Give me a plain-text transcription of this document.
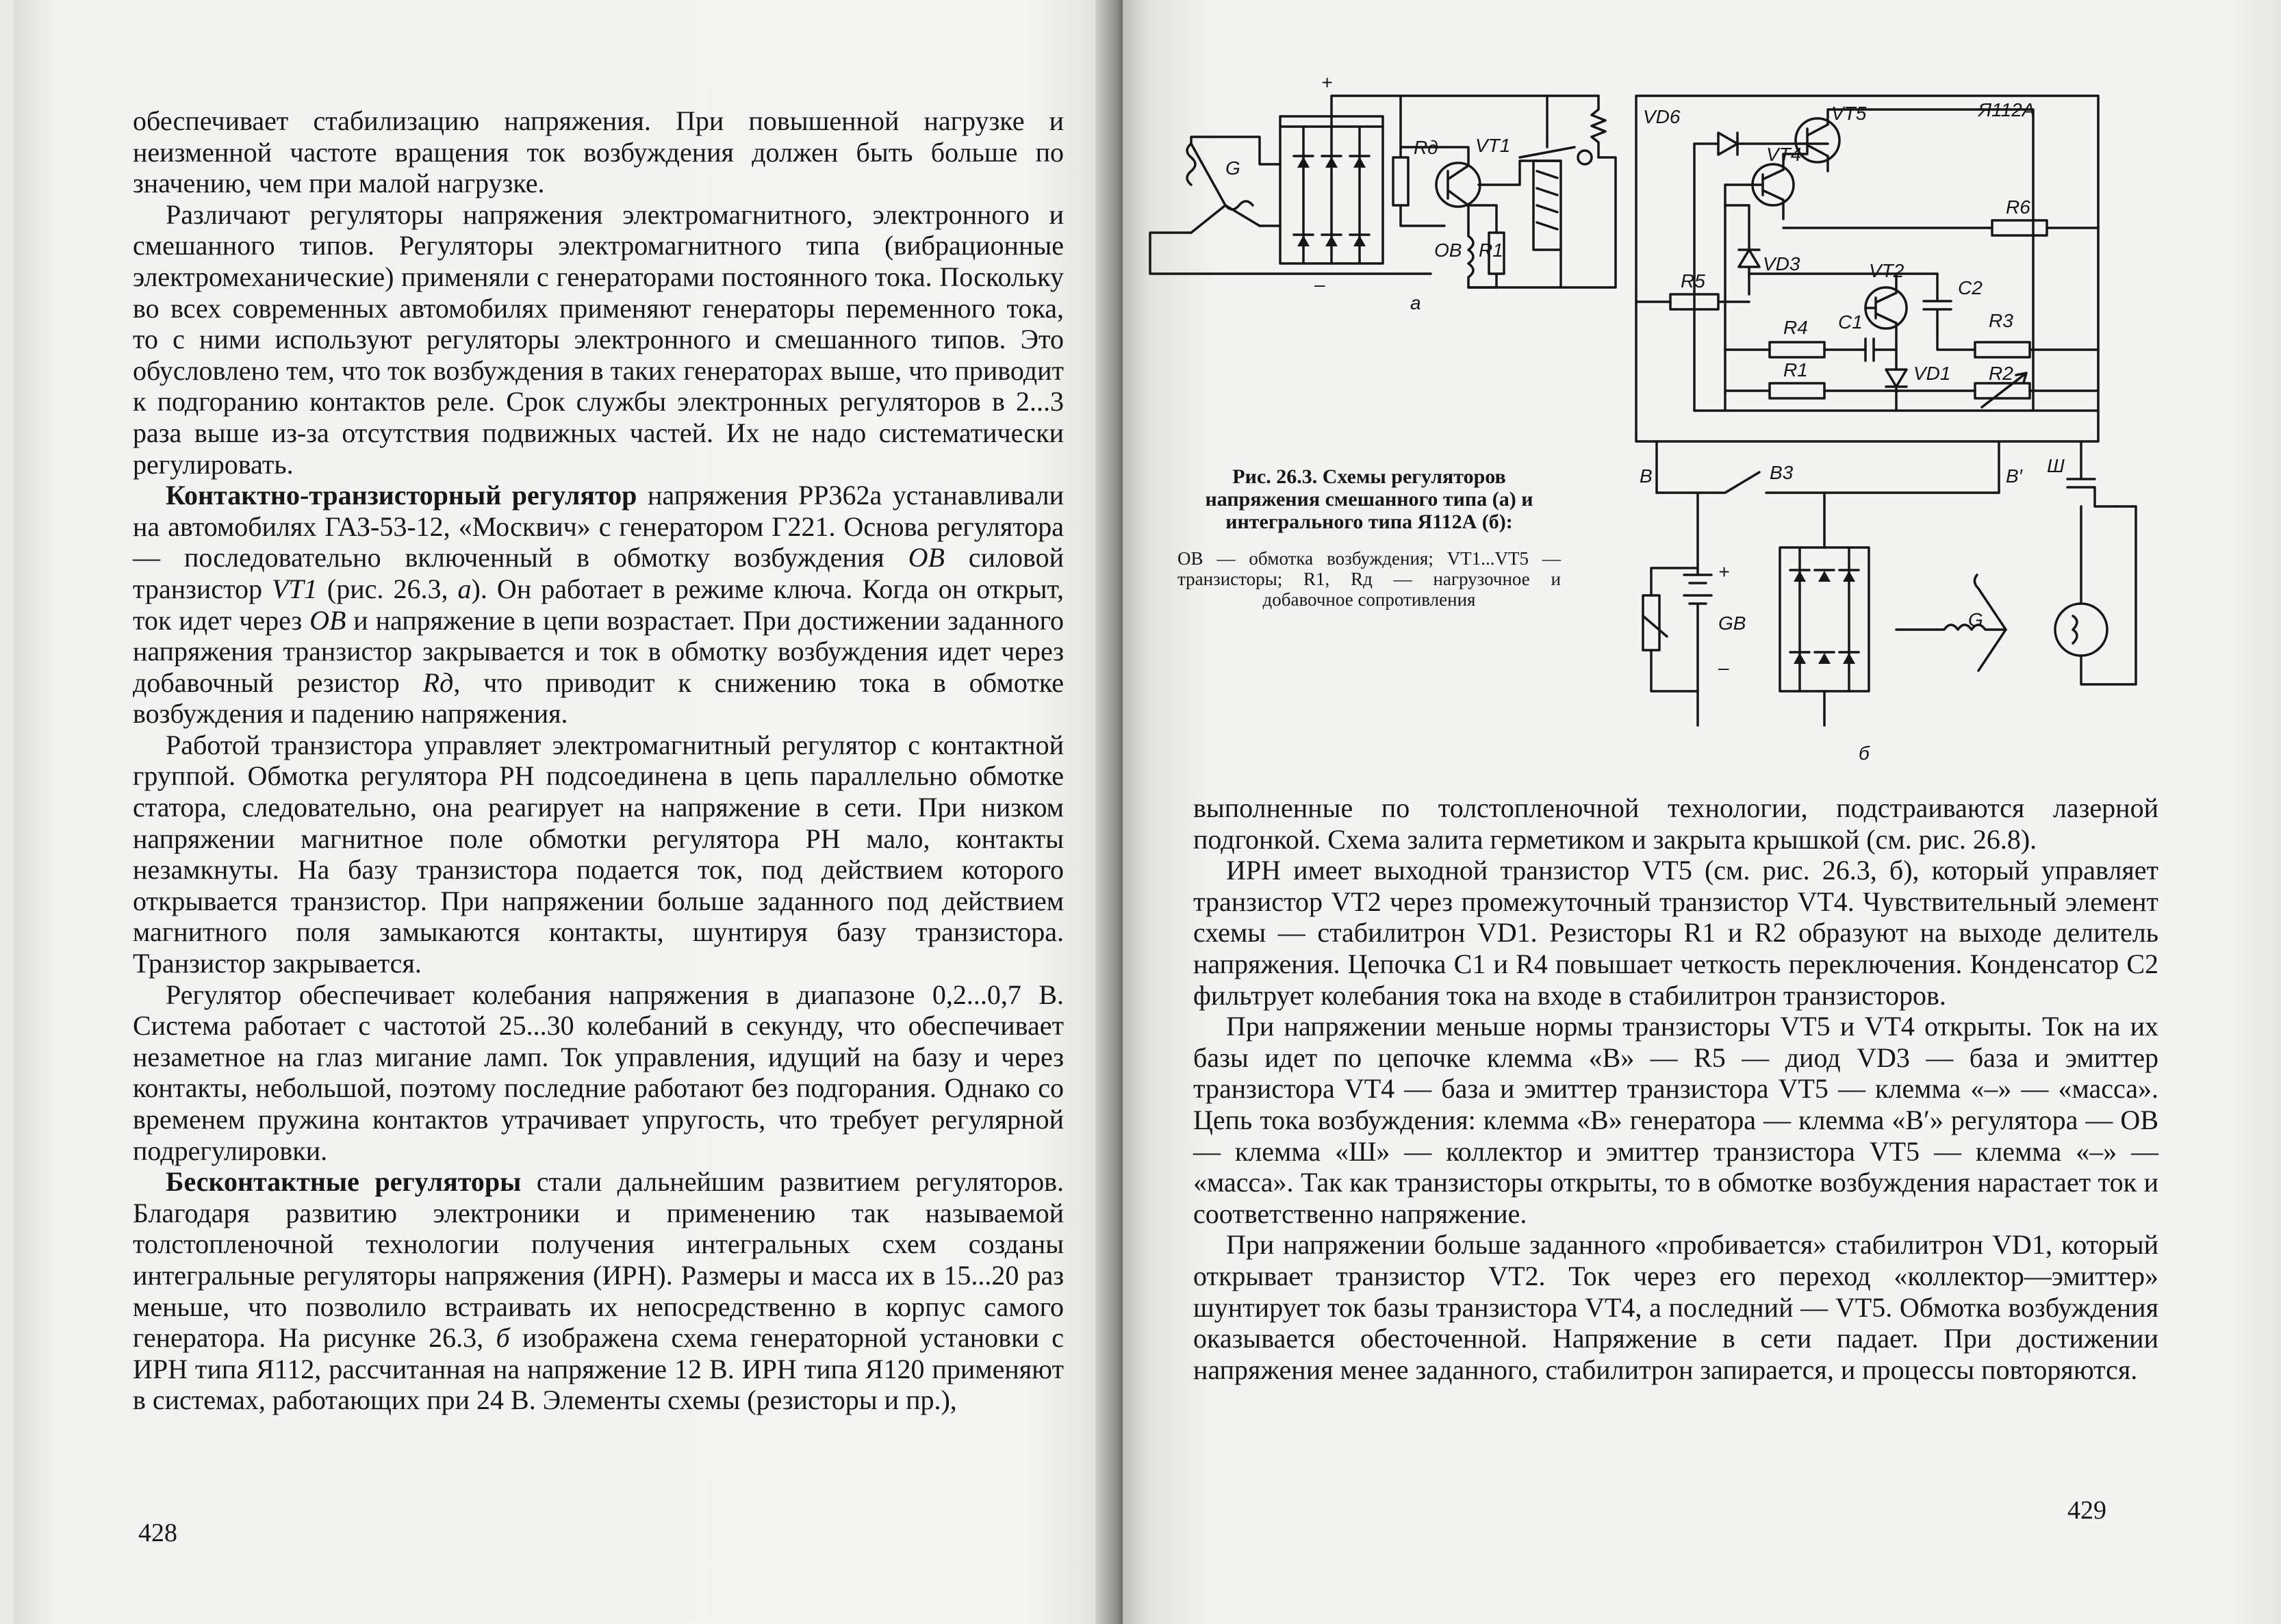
обеспечивает стабилизацию напряжения. При повышенной нагрузке и неизменной частоте вращения ток возбуждения должен быть больше по значению, чем при малой нагрузке.

Различают регуляторы напряжения электромагнитного, электронного и смешанного типов. Регуляторы электромагнитного типа (вибрационные электромеханические) применяли с генераторами постоянного тока. Поскольку во всех современных автомобилях применяют генераторы переменного тока, то с ними используют регуляторы электронного и смешанного типов. Это обусловлено тем, что ток возбуждения в таких генераторах выше, что приводит к подгоранию контактов реле. Срок службы электронных регуляторов в 2...3 раза выше из-за отсутствия подвижных частей. Их не надо систематически регулировать.

Контактно-транзисторный регулятор напряжения РР362а устанавливали на автомобилях ГАЗ-53-12, «Москвич» с генератором Г221. Основа регулятора — последовательно включенный в обмотку возбуждения ОВ силовой транзистор VT1 (рис. 26.3, а). Он работает в режиме ключа. Когда он открыт, ток идет через ОВ и напряжение в цепи возрастает. При достижении заданного напряжения транзистор закрывается и ток в обмотку возбуждения идет через добавочный резистор Rд, что приводит к снижению тока в обмотке возбуждения и падению напряжения.

Работой транзистора управляет электромагнитный регулятор с контактной группой. Обмотка регулятора РН подсоединена в цепь параллельно обмотке статора, следовательно, она реагирует на напряжение в сети. При низком напряжении магнитное поле обмотки регулятора РН мало, контакты незамкнуты. На базу транзистора подается ток, под действием которого открывается транзистор. При напряжении больше заданного под действием магнитного поля замыкаются контакты, шунтируя базу транзистора. Транзистор закрывается.

Регулятор обеспечивает колебания напряжения в диапазоне 0,2...0,7 В. Система работает с частотой 25...30 колебаний в секунду, что обеспечивает незаметное на глаз мигание ламп. Ток управления, идущий на базу и через контакты, небольшой, поэтому последние работают без подгорания. Однако со временем пружина контактов утрачивает упругость, что требует регулярной подрегулировки.

Бесконтактные регуляторы стали дальнейшим развитием регуляторов. Благодаря развитию электроники и применению так называемой толстопленочной технологии получения интегральных схем созданы интегральные регуляторы напряжения (ИРН). Размеры и масса их в 15...20 раз меньше, что позволило встраивать их непосредственно в корпус самого генератора. На рисунке 26.3, б изображена схема генераторной установки с ИРН типа Я112, рассчитанная на напряжение 12 В. ИРН типа Я120 применяют в системах, работающих при 24 В. Элементы схемы (резисторы и пр.),

428
+
–
G
Rд VT1
ОВ R1
а
VD6	VT5	Я112А
VT4
R6
VD3	VT2
C2
R5
R4 C1	R3
R1	VD1 R2
В	В3	В′ Ш
+
GB
–
G
б
Рис. 26.3. Схемы регуляторов напряжения смешанного типа (а) и интегрального типа Я112А (б):
ОВ — обмотка возбуждения; VT1...VT5 — транзисторы; R1, Rд — нагрузочное и добавочное сопротивления

выполненные по толстопленочной технологии, подстраиваются лазерной подгонкой. Схема залита герметиком и закрыта крышкой (см. рис. 26.8).

ИРН имеет выходной транзистор VT5 (см. рис. 26.3, б), который управляет транзистор VT2 через промежуточный транзистор VT4. Чувствительный элемент схемы — стабилитрон VD1. Резисторы R1 и R2 образуют на выходе делитель напряжения. Цепочка C1 и R4 повышает четкость переключения. Конденсатор C2 фильтрует колебания тока на входе в стабилитрон транзисторов.

При напряжении меньше нормы транзисторы VT5 и VT4 открыты. Ток на их базы идет по цепочке клемма «В» — R5 — диод VD3 — база и эмиттер транзистора VT4 — база и эмиттер транзистора VT5 — клемма «–» — «масса». Цепь тока возбуждения: клемма «В» генератора — клемма «В′» регулятора — ОВ — клемма «Ш» — коллектор и эмиттер транзистора VT5 — клемма «–» — «масса». Так как транзисторы открыты, то в обмотке возбуждения нарастает ток и соответственно напряжение.

При напряжении больше заданного «пробивается» стабилитрон VD1, который открывает транзистор VT2. Ток через его переход «коллектор—эмиттер» шунтирует ток базы транзистора VT4, а последний — VT5. Обмотка возбуждения оказывается обесточенной. Напряжение в сети падает. При достижении напряжения менее заданного, стабилитрон запирается, и процессы повторяются.

429
